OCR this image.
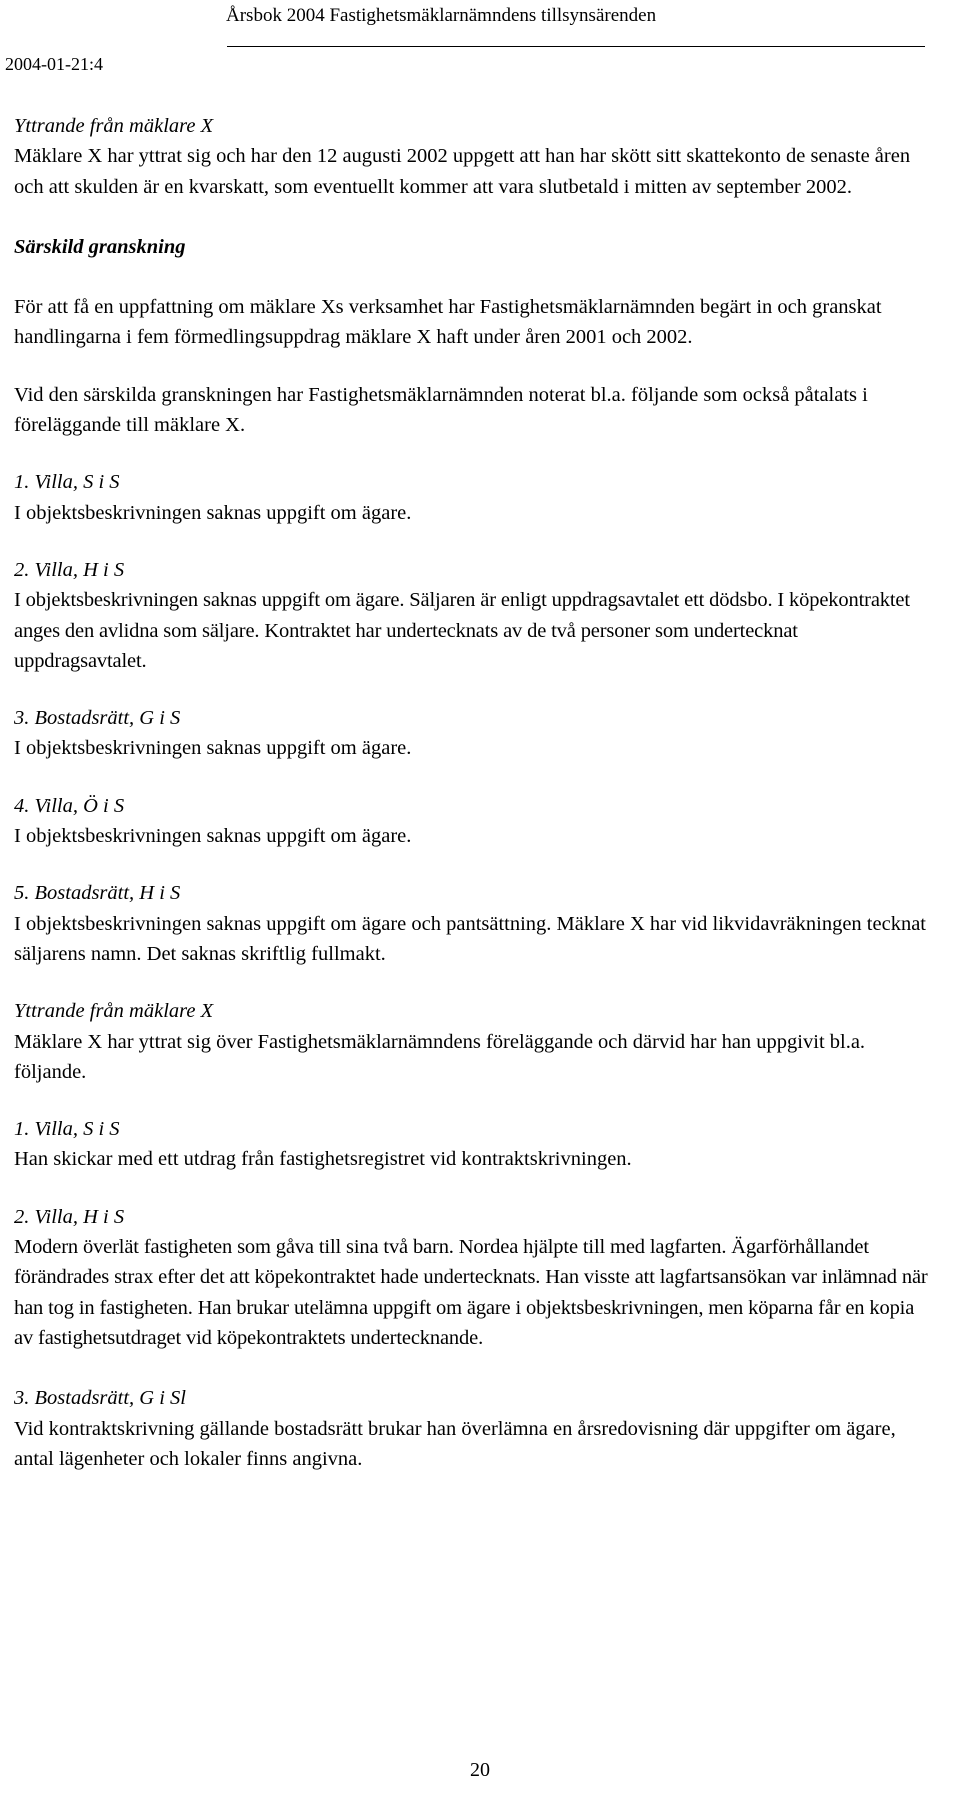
Årsbok 2004 Fastighetsmäklarnämndens tillsynsärenden
2004-01-21:4

Yttrande från mäklare X

Mäklare X har yttrat sig och har den 12 augusti 2002 uppgett att han har skött sitt skattekonto de senaste åren och att skulden är en kvarskatt, som eventuellt kommer att vara slutbetald i mitten av september 2002.

Särskild granskning

För att få en uppfattning om mäklare Xs verksamhet har Fastighetsmäklarnämnden begärt in och granskat handlingarna i fem förmedlingsuppdrag mäklare X haft under åren 2001 och 2002.

Vid den särskilda granskningen har Fastighetsmäklarnämnden noterat bl.a. följande som också påtalats i föreläggande till mäklare X.

1. Villa, S i S

I objektsbeskrivningen saknas uppgift om ägare.

2. Villa, H i S

I objektsbeskrivningen saknas uppgift om ägare. Säljaren är enligt uppdragsavtalet ett dödsbo. I köpekontraktet anges den avlidna som säljare. Kontraktet har undertecknats av de två personer som undertecknat uppdragsavtalet.

3. Bostadsrätt, G i S

I objektsbeskrivningen saknas uppgift om ägare.

4. Villa, Ö i S

I objektsbeskrivningen saknas uppgift om ägare.

5. Bostadsrätt, H i S

I objektsbeskrivningen saknas uppgift om ägare och pantsättning. Mäklare X har vid likvidavräkningen tecknat säljarens namn. Det saknas skriftlig fullmakt.

Yttrande från mäklare X

Mäklare X har yttrat sig över Fastighetsmäklarnämndens föreläggande och därvid har han uppgivit bl.a. följande.

1. Villa, S i S

Han skickar med ett utdrag från fastighetsregistret vid kontraktskrivningen.

2. Villa, H i S

Modern överlät fastigheten som gåva till sina två barn. Nordea hjälpte till med lagfarten. Ägarförhållandet förändrades strax efter det att köpekontraktet hade undertecknats. Han visste att lagfartsansökan var inlämnad när han tog in fastigheten. Han brukar utelämna uppgift om ägare i objektsbeskrivningen, men köparna får en kopia av fastighetsutdraget vid köpekontraktets undertecknande.

3. Bostadsrätt, G i Sl

Vid kontraktskrivning gällande bostadsrätt brukar han överlämna en årsredovisning där uppgifter om ägare, antal lägenheter och lokaler finns angivna.

20
